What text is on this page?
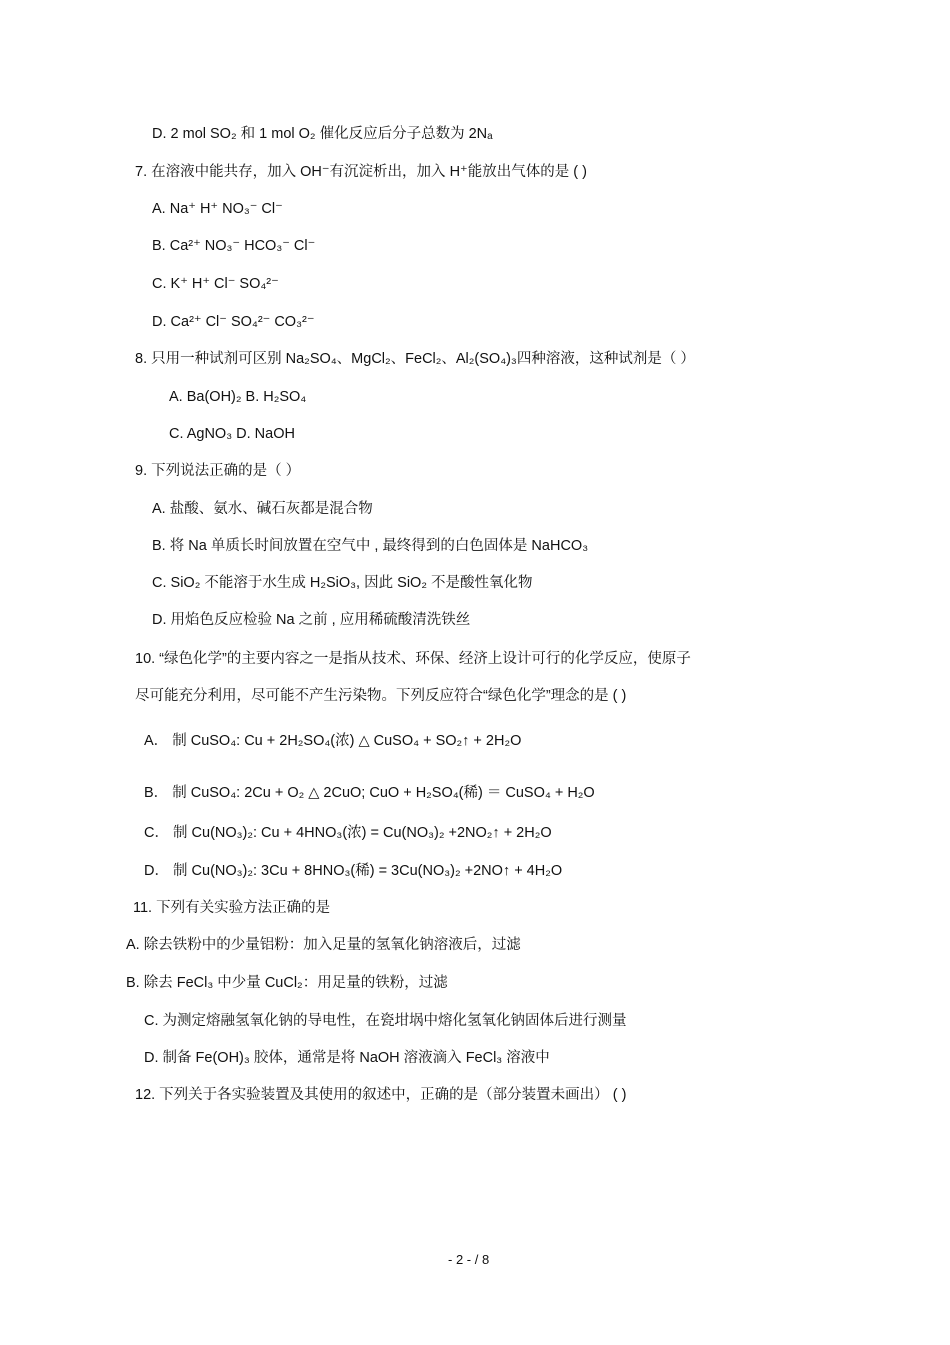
D. 2 mol SO₂ 和 1 mol O₂ 催化反应后分子总数为 2Nₐ
7. 在溶液中能共存，加入 OH⁻有沉淀析出，加入 H⁺能放出气体的是 ( )
A. Na⁺ H⁺ NO₃⁻ Cl⁻
B. Ca²⁺ NO₃⁻ HCO₃⁻ Cl⁻
C. K⁺ H⁺ Cl⁻ SO₄²⁻
D. Ca²⁺ Cl⁻ SO₄²⁻ CO₃²⁻
8. 只用一种试剂可区别 Na₂SO₄、MgCl₂、FeCl₂、Al₂(SO₄)₃四种溶液，这种试剂是（ ）
A. Ba(OH)₂ B. H₂SO₄
C. AgNO₃ D. NaOH
9. 下列说法正确的是（ ）
A. 盐酸、氨水、碱石灰都是混合物
B. 将 Na 单质长时间放置在空气中 , 最终得到的白色固体是 NaHCO₃
C. SiO₂ 不能溶于水生成 H₂SiO₃, 因此 SiO₂ 不是酸性氧化物
D. 用焰色反应检验 Na 之前 , 应用稀硫酸清洗铁丝
10. “绿色化学”的主要内容之一是指从技术、环保、经济上设计可行的化学反应，使原子
尽可能充分利用，尽可能不产生污染物。下列反应符合“绿色化学”理念的是 ( )
A． 制 CuSO₄: Cu + 2H₂SO₄(浓) △ CuSO₄ + SO₂↑ + 2H₂O
B． 制 CuSO₄: 2Cu + O₂ △ 2CuO; CuO + H₂SO₄(稀) ＝ CuSO₄ + H₂O
C． 制 Cu(NO₃)₂: Cu + 4HNO₃(浓) = Cu(NO₃)₂ +2NO₂↑ + 2H₂O
D． 制 Cu(NO₃)₂: 3Cu + 8HNO₃(稀) = 3Cu(NO₃)₂ +2NO↑ + 4H₂O
11. 下列有关实验方法正确的是
A. 除去铁粉中的少量铝粉：加入足量的氢氧化钠溶液后，过滤
B. 除去 FeCl₃ 中少量 CuCl₂：用足量的铁粉，过滤
C. 为测定熔融氢氧化钠的导电性，在瓷坩埚中熔化氢氧化钠固体后进行测量
D. 制备 Fe(OH)₃ 胶体，通常是将 NaOH 溶液滴入 FeCl₃ 溶液中
12. 下列关于各实验装置及其使用的叙述中，正确的是（部分装置未画出） ( )
- 2 - / 8
